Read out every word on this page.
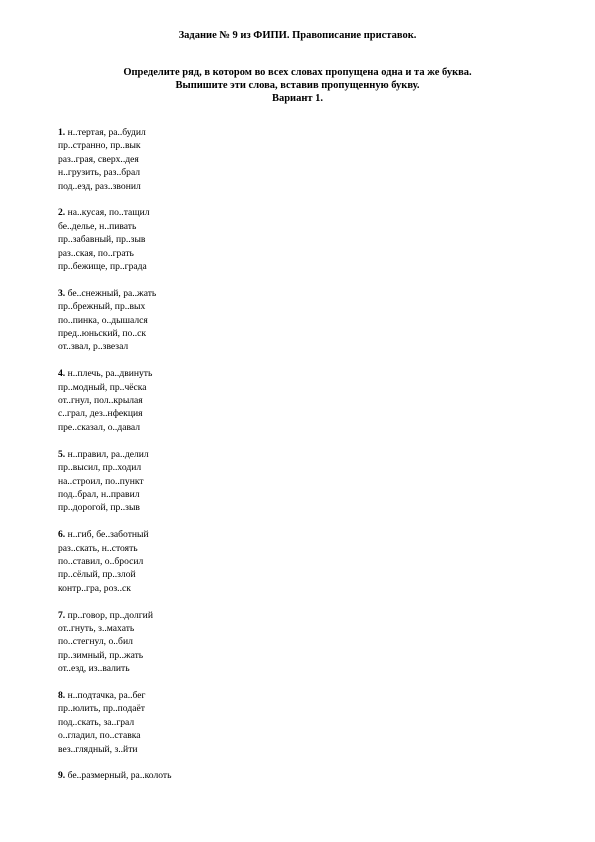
Задание № 9 из ФИПИ. Правописание приставок.
Определите ряд, в котором во всех словах пропущена одна и та же буква.
Выпишите эти слова, вставив пропущенную букву.
Вариант 1.
1. н..тертая, ра..будил
пр..странно, пр..вык
раз..грая, сверх..дея
н..грузить, раз..брал
под..езд, раз..звонил
2. на..кусая, по..тащил
бе..делье, н..пивать
пр..забавный, пр..зыв
раз..ская, по..грать
пр..бежище, пр..града
3. бе..снежный, ра..жать
пр..брежный, пр..вых
по..пинка, о..дышался
пред..юньский, по..ск
от..звал, р..звезал
4. н..плечь, ра..двинуть
пр..модный, пр..чёска
от..гнул, пол..крылая
с..грал, дез..нфекция
пре..сказал, о..давал
5. н..правил, ра..делил
пр..высил, пр..ходил
на..строил, по..пункт
под..брал, н..правил
пр..дорогой, пр..зыв
6. н..гиб, бе..заботный
раз..скать, н..стоять
по..ставил, о..бросил
пр..сёлый, пр..злой
контр..гра, роз..ск
7. пр..говор, пр..долгий
от..гнуть, з..махать
по..стегнул, о..бил
пр..зимный, пр..жать
от..езд, из..валить
8. н..подтачка, ра..бег
пр..юлить, пр..подаёт
под..скать, за..грал
о..гладил, по..ставка
вез..глядный, з..йти
9. бе..размерный, ра..колоть
